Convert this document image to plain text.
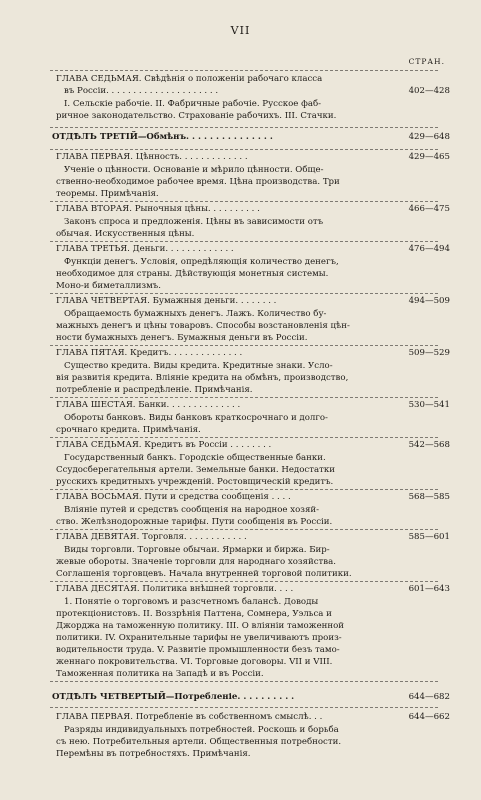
VII
СТРАН.
ГЛАВА СЕДЬМАЯ. Свѣдѣнія о положеніи рабочаго класса
въ Россіи. . . . . . . . . . . . . . . . . . . . .	402—428
I. Сельскіе рабочіе. II. Фабричные рабочіе. Русское фаб-
ричное законодательство. Страхованіе рабочихъ. III. Стачки.
ОТДѢЛЪ ТРЕТІЙ—Обмѣнъ. . . . . . . . . . . . . . .	429—648
ГЛАВА ПЕРВАЯ. Цѣнность. . . . . . . . . . . . .	429—465
Ученіе о цѣнности. Основаніе и мѣрило цѣнности. Обще-
ственно-необходимое рабочее время. Цѣна производства. Три
теоремы. Примѣчанія.
ГЛАВА ВТОРАЯ. Рыночныя цѣны. . . . . . . . . .	466—475
Законъ спроса и предложенія. Цѣны въ зависимости отъ
обычая. Искусственныя цѣны.
ГЛАВА ТРЕТЬЯ. Деньги. . . . . . . . . . . . .	476—494
Функціи денегъ. Условія, опредѣляющія количество денегъ,
необходимое для страны. Дѣйствующія монетныя системы.
Моно-и биметаллизмъ.
ГЛАВА ЧЕТВЕРТАЯ. Бумажныя деньги. . . . . . . .	494—509
Обращаемость бумажныхъ денегъ. Лажъ. Количество бу-
мажныхъ денегъ и цѣны товаровъ. Способы возстановленія цѣн-
ности бумажныхъ денегъ. Бумажныя деньги въ Россіи.
ГЛАВА ПЯТАЯ. Кредитъ. . . . . . . . . . . . . .	509—529
Существо кредита. Виды кредита. Кредитные знаки. Усло-
вія развитія кредита. Вліяніе кредита на обмѣнъ, производство,
потребленіе и распредѣленіе. Примѣчанія.
ГЛАВА ШЕСТАЯ. Банки. . . . . . . . . . . . . .	530—541
Обороты банковъ. Виды банковъ краткосрочнаго и долго-
срочнаго кредита. Примѣчанія.
ГЛАВА СЕДЬМАЯ. Кредитъ въ Россіи . . . . . . . .	542—568
Государственный банкъ. Городскіе общественные банки.
Ссудосберегательныя артели. Земельные банки. Недостатки
русскихъ кредитныхъ учрежденій. Ростовщическій кредитъ.
ГЛАВА ВОСЬМАЯ. Пути и средства сообщенія . . . .	568—585
Вліяніе путей и средствъ сообщенія на народное хозяй-
ство. Желѣзнодорожные тарифы. Пути сообщенія въ Россіи.
ГЛАВА ДЕВЯТАЯ. Торговля. . . . . . . . . . . .	585—601
Виды торговли. Торговые обычаи. Ярмарки и биржа. Бир-
жевые обороты. Значеніе торговли для народнаго хозяйства.
Соглашенія торговцевъ. Начала внутренней торговой политики.
ГЛАВА ДЕСЯТАЯ. Политика внѣшней торговли. . . .	601—643
1. Понятіе о торговомъ и разсчетномъ балансѣ. Доводы
протекціонистовъ. II. Воззрѣнія Паттена, Сомнера, Уэльса и
Джорджа на таможенную политику. III. О вліяніи таможенной
политики. IV. Охранительные тарифы не увеличиваютъ произ-
водительности труда. V. Развитіе промышленности безъ тамо-
женнаго покровительства. VI. Торговые договоры. VII и VIII.
Таможенная политика на Западѣ и въ Россіи.
ОТДѢЛЪ ЧЕТВЕРТЫЙ—Потребленіе. . . . . . . . . .	644—682
ГЛАВА ПЕРВАЯ. Потребленіе въ собственномъ смыслѣ. . .	644—662
Разряды индивидуальныхъ потребностей. Роскошь и борьба
съ нею. Потребительныя артели. Общественныя потребности.
Перемѣны въ потребностяхъ. Примѣчанія.
